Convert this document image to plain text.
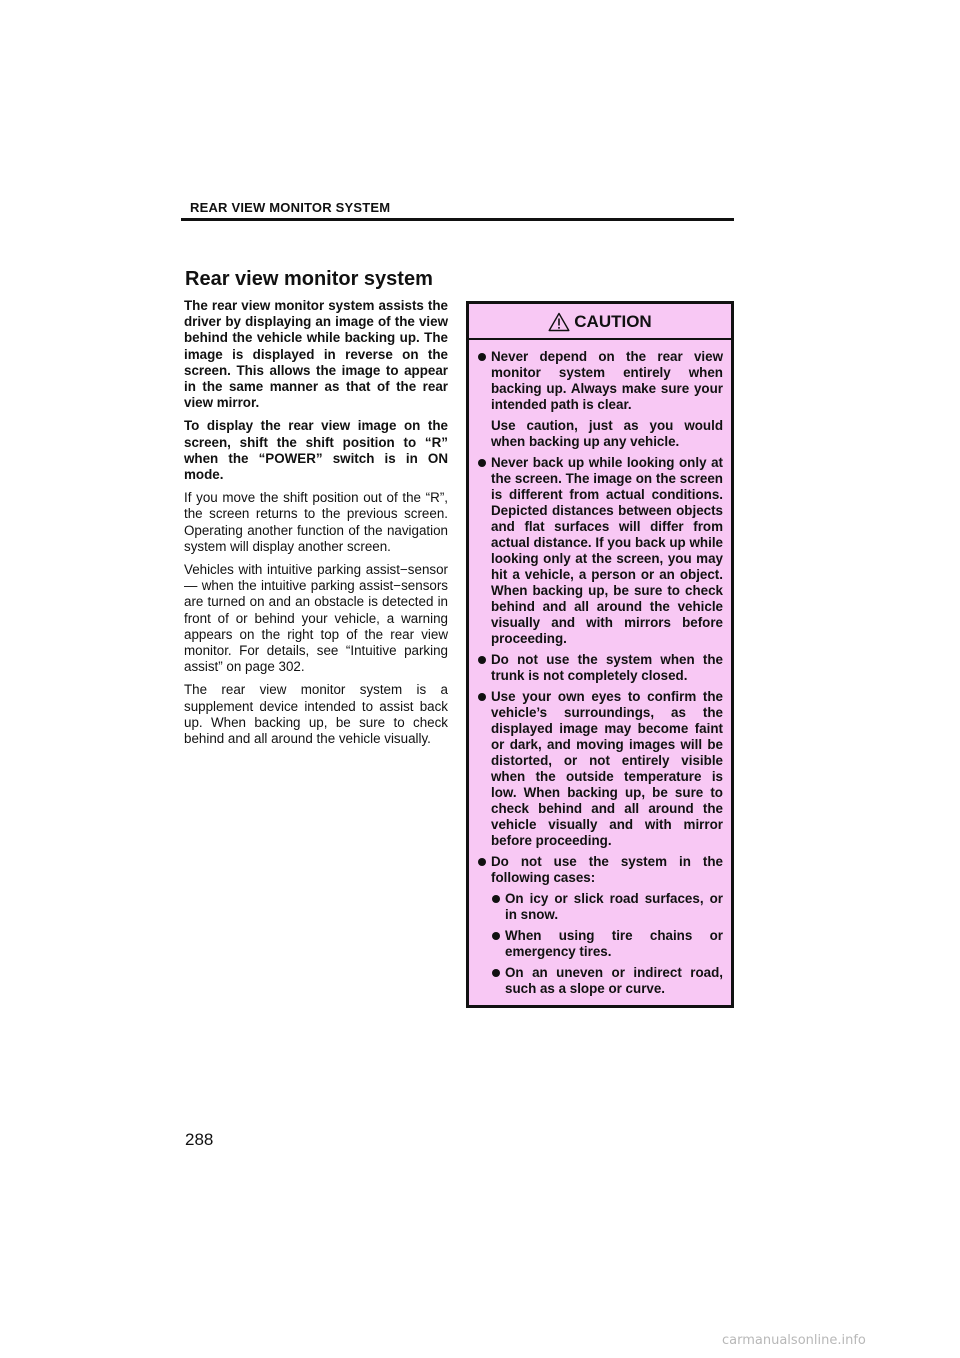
REAR VIEW MONITOR SYSTEM
Rear view monitor system

The rear view monitor system assists the driver by displaying an image of the view behind the vehicle while backing up. The image is displayed in reverse on the screen. This allows the image to appear in the same manner as that of the rear view mirror.

To display the rear view image on the screen, shift the shift position to “R” when the “POWER” switch is in ON mode.

If you move the shift position out of the “R”, the screen returns to the previous screen. Operating another function of the navigation system will display another screen.

Vehicles with intuitive parking assist−sensor — when the intuitive parking assist−sensors are turned on and an obstacle is detected in front of or behind your vehicle, a warning appears on the right top of the rear view monitor. For details, see “Intuitive parking assist” on page 302.

The rear view monitor system is a supplement device intended to assist back up. When backing up, be sure to check behind and all around the vehicle visually.

CAUTION
Never depend on the rear view monitor system entirely when backing up. Always make sure your intended path is clear.
Use caution, just as you would when backing up any vehicle.
Never back up while looking only at the screen. The image on the screen is different from actual conditions. Depicted distances between objects and flat surfaces will differ from actual distance. If you back up while looking only at the screen, you may hit a vehicle, a person or an object. When backing up, be sure to check behind and all around the vehicle visually and with mirrors before proceeding.
Do not use the system when the trunk is not completely closed.
Use your own eyes to confirm the vehicle’s surroundings, as the displayed image may become faint or dark, and moving images will be distorted, or not entirely visible when the outside temperature is low. When backing up, be sure to check behind and all around the vehicle visually and with mirror before proceeding.
Do not use the system in the following cases:
On icy or slick road surfaces, or in snow.
When using tire chains or emergency tires.
On an uneven or indirect road, such as a slope or curve.
288
carmanualsonline.info
